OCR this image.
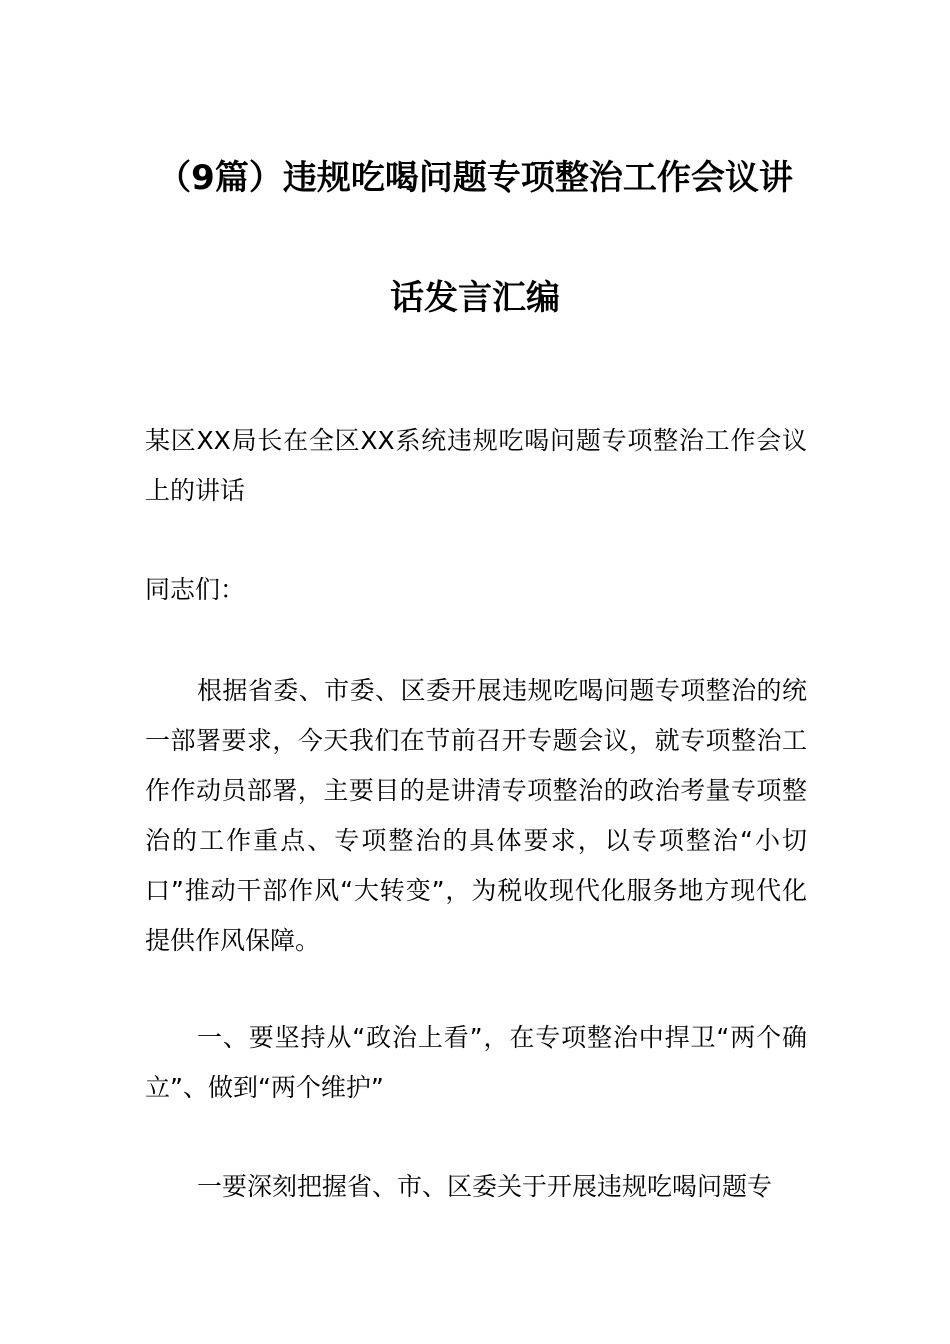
（9篇）违规吃喝问题专项整治工作会议讲
话发言汇编
某区XX局长在全区XX系统违规吃喝问题专项整治工作会议上的讲话
同志们：
根据省委、市委、区委开展违规吃喝问题专项整治的统一部署要求，今天我们在节前召开专题会议，就专项整治工作作动员部署，主要目的是讲清专项整治的政治考量专项整治的工作重点、专项整治的具体要求，以专项整治“小切口”推动干部作风“大转变”，为税收现代化服务地方现代化提供作风保障。
一、要坚持从“政治上看”，在专项整治中捍卫“两个确立”、做到“两个维护”
一要深刻把握省、市、区委关于开展违规吃喝问题专
